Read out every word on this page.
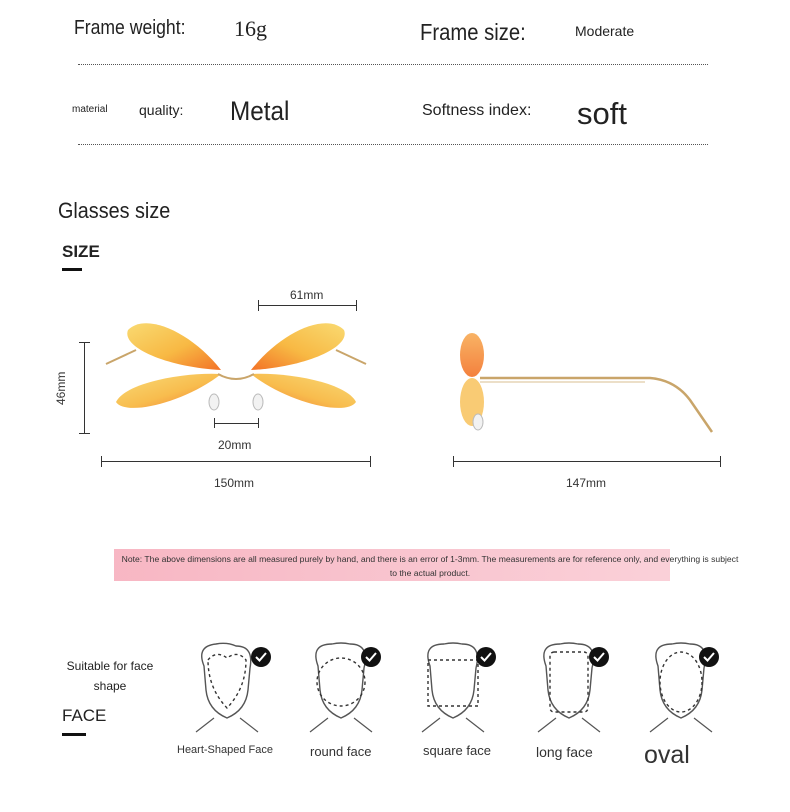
Frame weight: 16g	Frame size:	Moderate
material quality: Metal	Softness index: soft
Glasses size
SIZE
61mm
46mm
20mm
150mm	147mm
Note: The above dimensions are all measured purely by hand, and there is an error of 1-3mm. The measurements are for reference only, and everything is subject to the actual product.
Suitable for face shape
FACE
Heart-Shaped Face	round face	square face	long face oval
